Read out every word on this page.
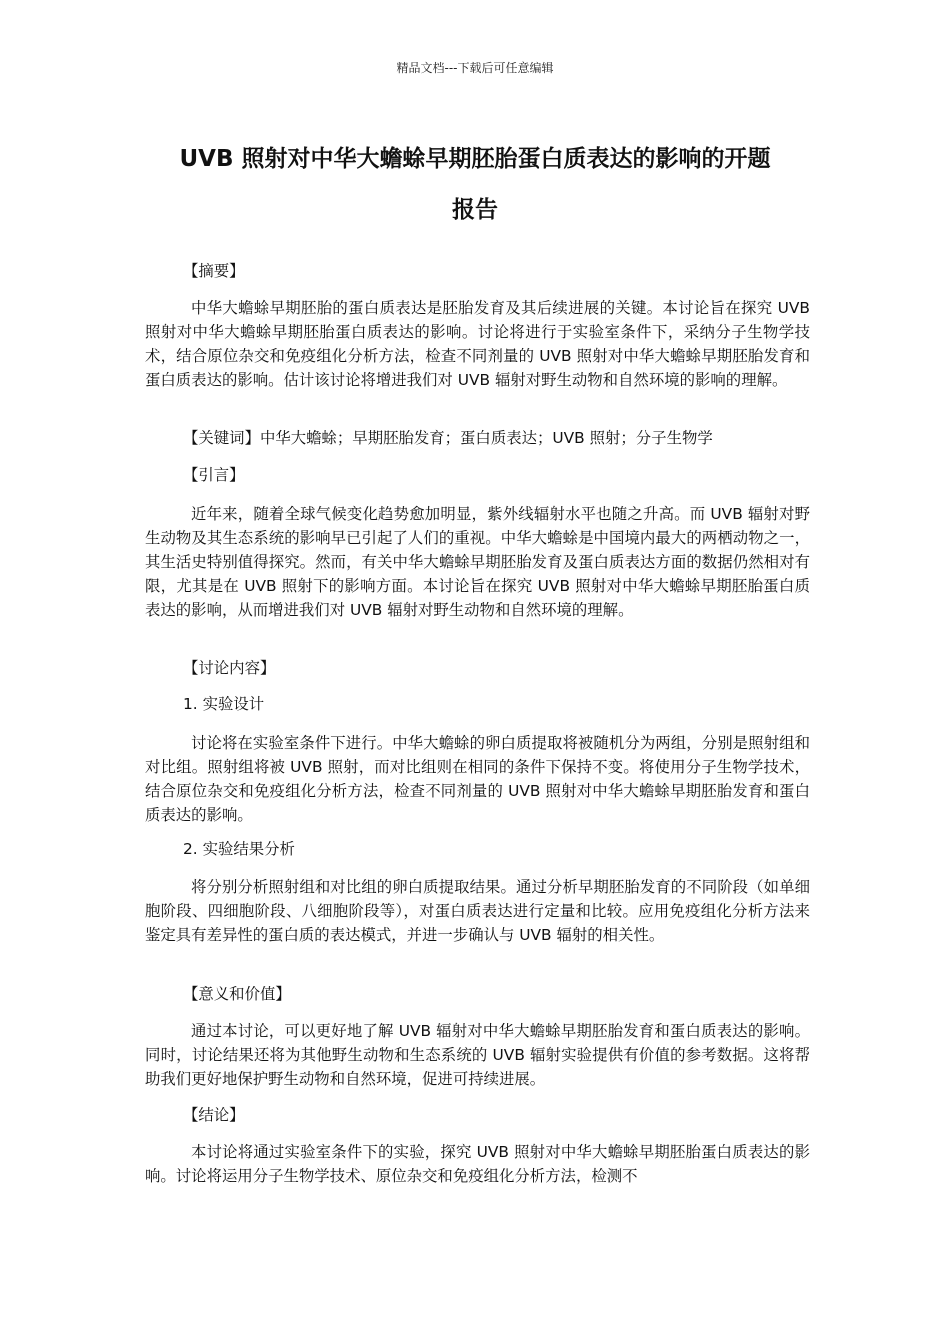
精品文档---下载后可任意编辑
UVB 照射对中华大蟾蜍早期胚胎蛋白质表达的影响的开题
报告
【摘要】

中华大蟾蜍早期胚胎的蛋白质表达是胚胎发育及其后续进展的关键。本讨论旨在探究 UVB 照射对中华大蟾蜍早期胚胎蛋白质表达的影响。讨论将进行于实验室条件下，采纳分子生物学技术，结合原位杂交和免疫组化分析方法，检查不同剂量的 UVB 照射对中华大蟾蜍早期胚胎发育和蛋白质表达的影响。估计该讨论将增进我们对 UVB 辐射对野生动物和自然环境的影响的理解。

【关键词】中华大蟾蜍；早期胚胎发育；蛋白质表达；UVB 照射；分子生物学
【引言】

近年来，随着全球气候变化趋势愈加明显，紫外线辐射水平也随之升高。而 UVB 辐射对野生动物及其生态系统的影响早已引起了人们的重视。中华大蟾蜍是中国境内最大的两栖动物之一，其生活史特别值得探究。然而，有关中华大蟾蜍早期胚胎发育及蛋白质表达方面的数据仍然相对有限，尤其是在 UVB 照射下的影响方面。本讨论旨在探究 UVB 照射对中华大蟾蜍早期胚胎蛋白质表达的影响，从而增进我们对 UVB 辐射对野生动物和自然环境的理解。

【讨论内容】
1. 实验设计

讨论将在实验室条件下进行。中华大蟾蜍的卵白质提取将被随机分为两组，分别是照射组和对比组。照射组将被 UVB 照射，而对比组则在相同的条件下保持不变。将使用分子生物学技术，结合原位杂交和免疫组化分析方法，检查不同剂量的 UVB 照射对中华大蟾蜍早期胚胎发育和蛋白质表达的影响。

2. 实验结果分析

将分别分析照射组和对比组的卵白质提取结果。通过分析早期胚胎发育的不同阶段（如单细胞阶段、四细胞阶段、八细胞阶段等），对蛋白质表达进行定量和比较。应用免疫组化分析方法来鉴定具有差异性的蛋白质的表达模式，并进一步确认与 UVB 辐射的相关性。

【意义和价值】

通过本讨论，可以更好地了解 UVB 辐射对中华大蟾蜍早期胚胎发育和蛋白质表达的影响。同时，讨论结果还将为其他野生动物和生态系统的 UVB 辐射实验提供有价值的参考数据。这将帮助我们更好地保护野生动物和自然环境，促进可持续进展。

【结论】

本讨论将通过实验室条件下的实验，探究 UVB 照射对中华大蟾蜍早期胚胎蛋白质表达的影响。讨论将运用分子生物学技术、原位杂交和免疫组化分析方法，检测不
